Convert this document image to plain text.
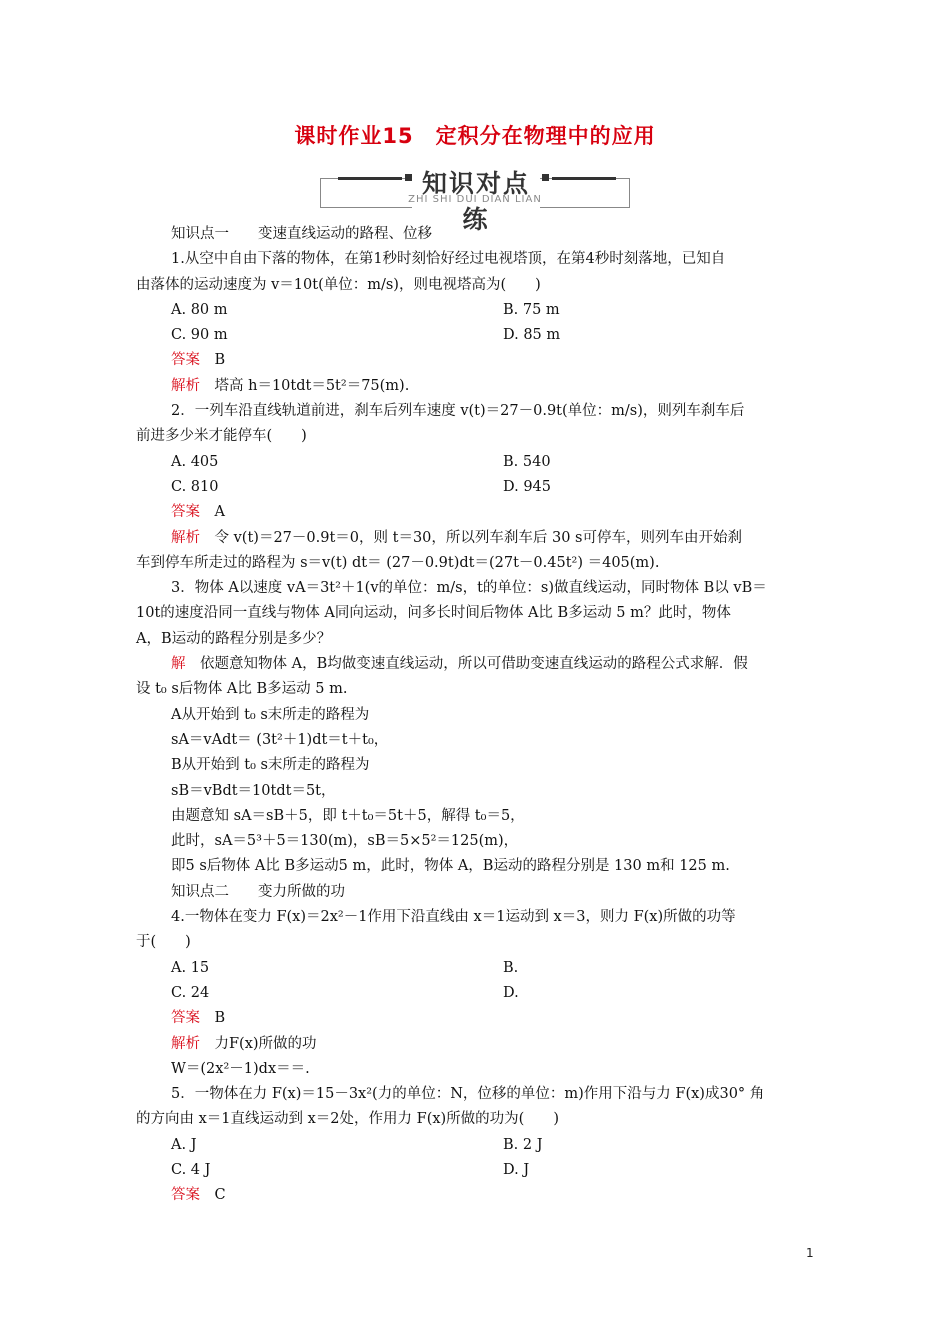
课时作业15　定积分在物理中的应用
知识对点练
ZHI SHI DUI DIAN LIAN
知识点一　　变速直线运动的路程、位移
1.从空中自由下落的物体，在第1秒时刻恰好经过电视塔顶，在第4秒时刻落地，已知自
由落体的运动速度为 v＝10t(单位：m/s)，则电视塔高为(　　)
A. 80 m	B. 75 m
C. 90 m	D. 85 m
答案　 B
解析　 塔高 h＝10tdt＝5t²＝75(m).
2．一列车沿直线轨道前进，刹车后列车速度 v(t)＝27－0.9t(单位：m/s)，则列车刹车后
前进多少米才能停车(　　)
A. 405	B. 540
C. 810	D. 945
答案　 A
解析　 令 v(t)＝27－0.9t＝0，则 t＝30，所以列车刹车后 30 s可停车，则列车由开始刹
车到停车所走过的路程为 s＝v(t) dt＝ (27－0.9t)dt＝(27t－0.45t²) ＝405(m).
3．物体 A以速度 vA＝3t²＋1(v的单位：m/s，t的单位：s)做直线运动，同时物体 B以 vB＝
10t的速度沿同一直线与物体 A同向运动，问多长时间后物体 A比 B多运动 5 m？此时，物体
A，B运动的路程分别是多少？
解　 依题意知物体 A，B均做变速直线运动，所以可借助变速直线运动的路程公式求解．假
设 t₀ s后物体 A比 B多运动 5 m.
A从开始到 t₀ s末所走的路程为
sA＝vAdt＝ (3t²＋1)dt＝t＋t₀，
B从开始到 t₀ s末所走的路程为
sB＝vBdt＝10tdt＝5t，
由题意知 sA＝sB＋5，即 t＋t₀＝5t＋5，解得 t₀＝5，
此时，sA＝5³＋5＝130(m)，sB＝5×5²＝125(m)，
即5 s后物体 A比 B多运动5 m，此时，物体 A，B运动的路程分别是 130 m和 125 m.
知识点二　　变力所做的功
4.一物体在变力 F(x)＝2x²－1作用下沿直线由 x＝1运动到 x＝3，则力 F(x)所做的功等
于(　　)
A. 15	B.
C. 24	D.
答案　 B
解析　 力F(x)所做的功
W＝(2x²－1)dx＝＝.
5．一物体在力 F(x)＝15－3x²(力的单位：N，位移的单位：m)作用下沿与力 F(x)成30° 角
的方向由 x＝1直线运动到 x＝2处，作用力 F(x)所做的功为(　　)
A. J	B. 2 J
C. 4 J	D. J
答案　 C
1
